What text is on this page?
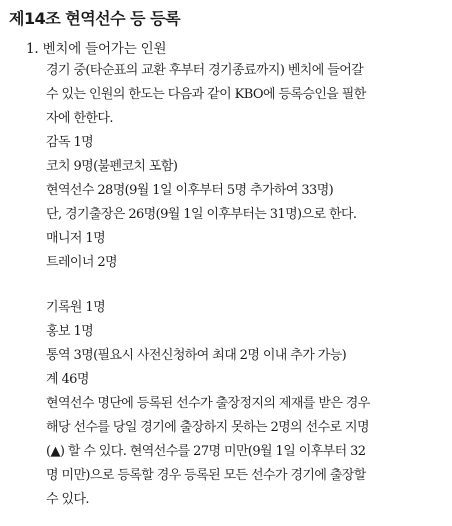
제14조 현역선수 등 등록
1. 벤치에 들어가는 인원
경기 중(타순표의 교환 후부터 경기종료까지) 벤치에 들어갈
수 있는 인원의 한도는 다음과 같이 KBO에 등록승인을 필한
자에 한한다.
감독 1명
코치 9명(불펜코치 포함)
현역선수 28명(9월 1일 이후부터 5명 추가하여 33명)
단, 경기출장은 26명(9월 1일 이후부터는 31명)으로 한다.
매니저 1명
트레이너 2명
기록원 1명
홍보 1명
통역 3명(필요시 사전신청하여 최대 2명 이내 추가 가능)
계 46명
현역선수 명단에 등록된 선수가 출장정지의 제재를 받은 경우
해당 선수를 당일 경기에 출장하지 못하는 2명의 선수로 지명
(▲) 할 수 있다. 현역선수를 27명 미만(9월 1일 이후부터 32
명 미만)으로 등록할 경우 등록된 모든 선수가 경기에 출장할
수 있다.
